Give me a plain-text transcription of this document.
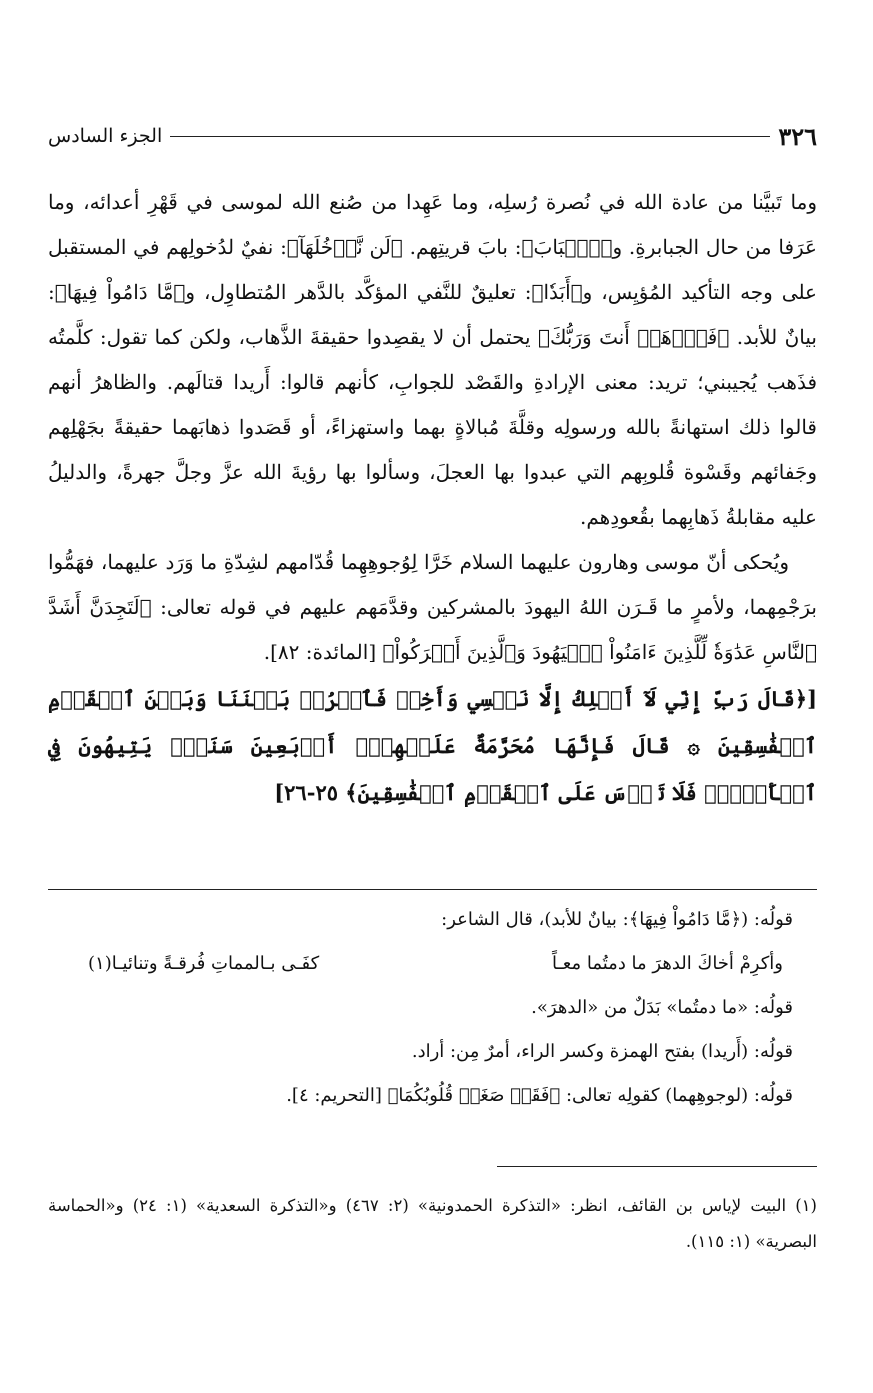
٣٢٦
الجزء السادس

وما تَبيَّنا من عادة الله في نُصرة رُسلِه، وما عَهِدا من صُنع الله لموسى في قَهْرِ أعدائه، وما عَرَفا من حال الجبابرةِ. و﴿ٱلۡبَابَ﴾: بابَ قريتِهم. ﴿لَن نَّدۡخُلَهَآ﴾: نفيٌ لدُخولِهم في المستقبل على وجه التأكيد المُؤيِس، و﴿أَبَدٗا﴾: تعليقٌ للنَّفي المؤكَّد بالدَّهر المُتطاوِل، و﴿مَّا دَامُواْ فِيهَا﴾: بيانٌ للأبد. ﴿فَٱذۡهَبۡ أَنتَ وَرَبُّكَ﴾ يحتمل أن لا يقصِدوا حقيقةَ الذَّهاب، ولكن كما تقول: كلَّمتُه فذَهب يُجيبني؛ تريد: معنى الإرادةِ والقَصْد للجوابِ، كأنهم قالوا: أَريدا قتالَهم. والظاهرُ أنهم قالوا ذلك استهانةً بالله ورسولِه وقلَّةَ مُبالاةٍ بهما واستهزاءً، أو قَصَدوا ذهابَهما حقيقةً بجَهْلِهم وجَفائهم وقَسْوة قُلوبِهم التي عبدوا بها العجلَ، وسألوا بها رؤيةَ الله عزَّ وجلَّ جهرةً، والدليلُ عليه مقابلةُ ذَهابِهما بقُعودِهم.

ويُحكى أنّ موسى وهارون عليهما السلام خَرَّا لِوُجوهِهِما قُدّامهم لشِدّةِ ما وَرَد عليهما، فهَمُّوا برَجْمِهما، ولأمرٍ ما قَـرَن اللهُ اليهودَ بالمشركين وقدَّمَهم عليهم في قوله تعالى: ﴿لَتَجِدَنَّ أَشَدَّ ٱلنَّاسِ عَدَٰوَةٗ لِّلَّذِينَ ءَامَنُواْ ٱلۡيَهُودَ وَٱلَّذِينَ أَشۡرَكُواْ﴾ [المائدة: ٨٢].

[﴿قَالَ رَبِّ إِنِّي لَآ أَمۡلِكُ إِلَّا نَفۡسِي وَأَخِيۖ فَٱفۡرُقۡ بَيۡنَنَا وَبَيۡنَ ٱلۡقَوۡمِ ٱلۡفَٰسِقِينَ ۞ قَالَ فَإِنَّهَا مُحَرَّمَةٌ عَلَيۡهِمۡۛ أَرۡبَعِينَ سَنَةٗۛ يَتِيهُونَ فِي ٱلۡأَرۡضِۚ فَلَا تَأۡسَ عَلَى ٱلۡقَوۡمِ ٱلۡفَٰسِقِينَ﴾ ٢٥-٢٦]

قولُه: (﴿مَّا دَامُواْ فِيهَا﴾: بيانٌ للأبد)، قال الشاعر:

وأكرِمْ أخاكَ الدهرَ ما دمتُما معـاً
كفَـى بـالمماتِ فُرقـةً وتنائيـا(١)

قولُه: «ما دمتُما» بَدَلٌ من «الدهرَ».

قولُه: (أَريدا) بفتح الهمزة وكسر الراء، أمرٌ مِن: أراد.

قولُه: (لوجوهِهما) كقولِه تعالى: ﴿فَقَدۡ صَغَتۡ قُلُوبُكُمَا﴾ [التحريم: ٤].

(١) البيت لإياس بن القائف، انظر: «التذكرة الحمدونية» (٢: ٤٦٧) و«التذكرة السعدية» (١: ٢٤) و«الحماسة البصرية» (١: ١١٥).
